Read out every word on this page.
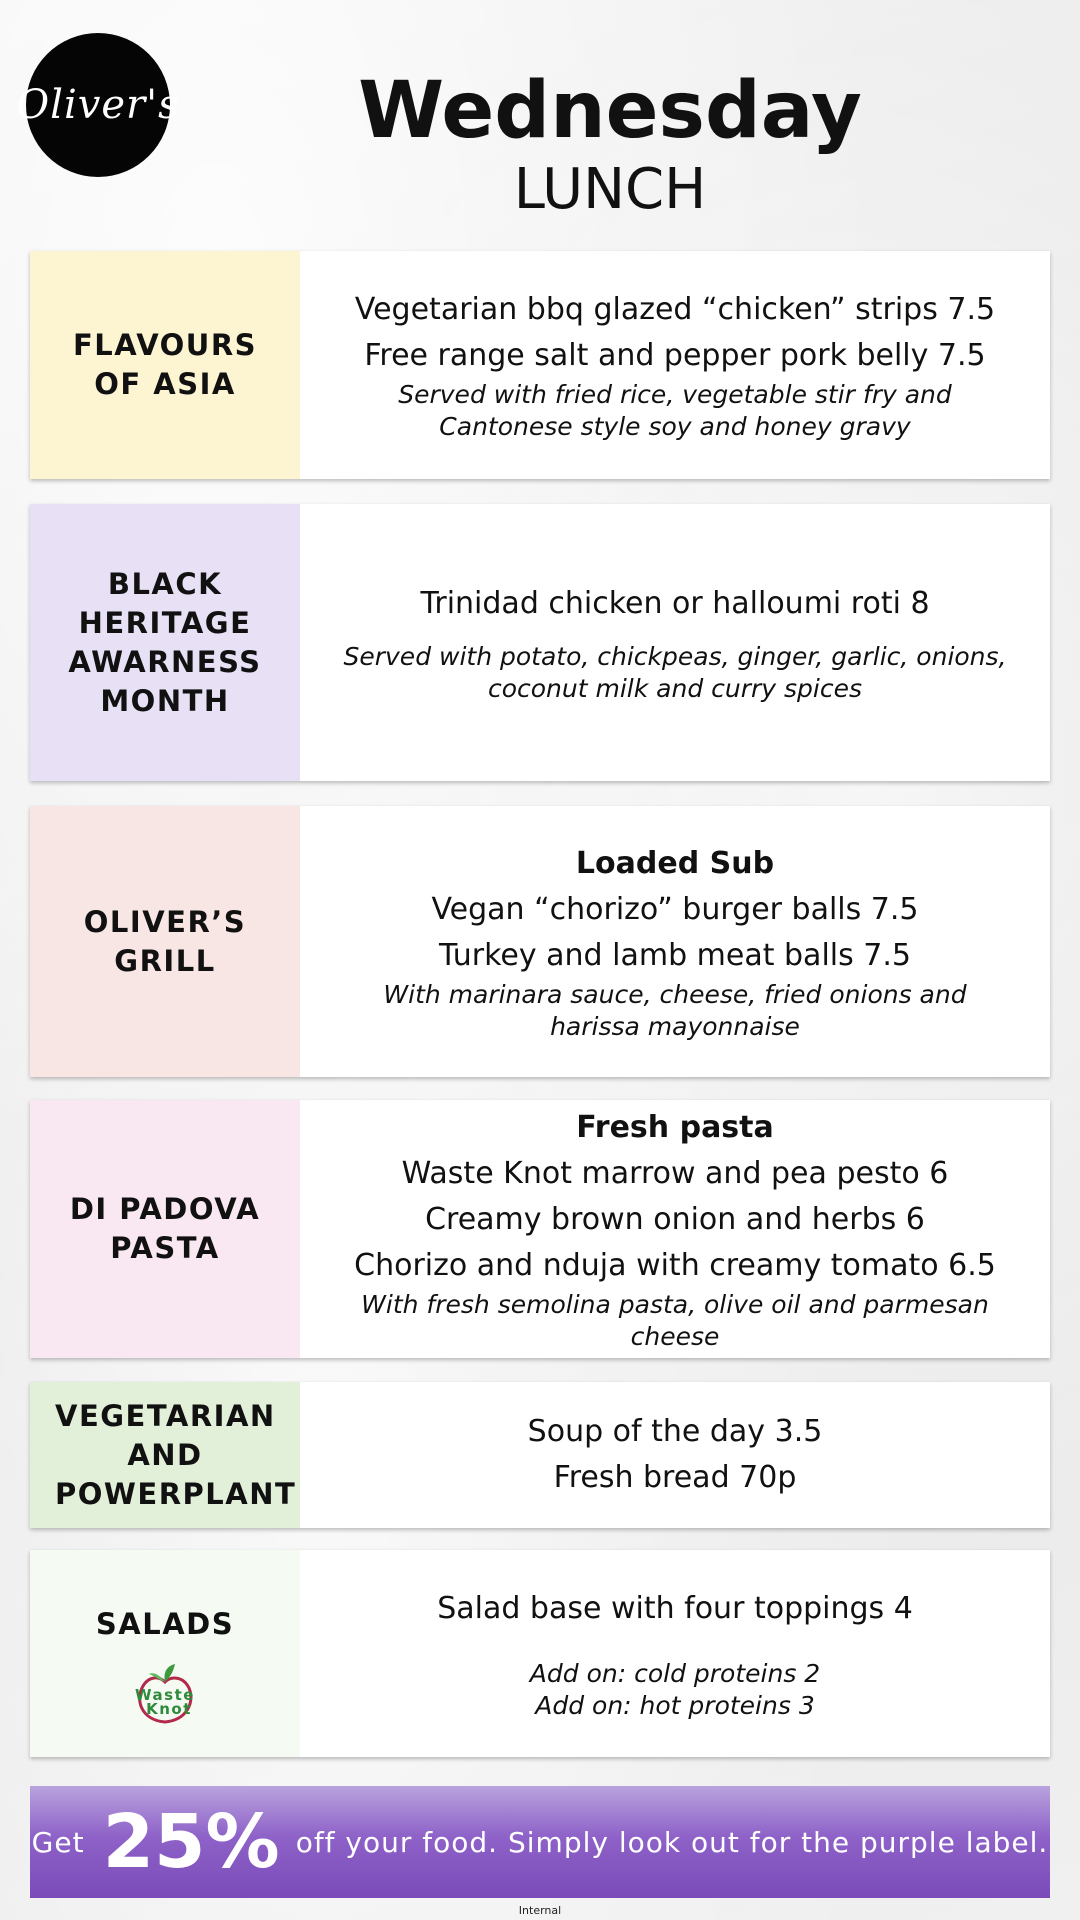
Oliver's	Wednesday
LUNCH
FLAVOURS OF ASIA
Vegetarian bbq glazed “chicken” strips 7.5
Free range salt and pepper pork belly 7.5
Served with fried rice, vegetable stir fry and Cantonese style soy and honey gravy
BLACK HERITAGE AWARNESS MONTH
Trinidad chicken or halloumi roti 8
Served with potato, chickpeas, ginger, garlic, onions, coconut milk and curry spices
OLIVER’S GRILL
Loaded Sub
Vegan “chorizo” burger balls 7.5
Turkey and lamb meat balls 7.5
With marinara sauce, cheese, fried onions and harissa mayonnaise
DI PADOVA PASTA
Fresh pasta
Waste Knot marrow and pea pesto 6
Creamy brown onion and herbs 6
Chorizo and nduja with creamy tomato 6.5
With fresh semolina pasta, olive oil and parmesan cheese
VEGETARIAN AND POWERPLANT
Soup of the day 3.5
Fresh bread 70p
SALADS
Waste
Knot
Salad base with four toppings 4
Add on: cold proteins 2
Add on: hot proteins 3
Get 25% off your food. Simply look out for the purple label.
Internal
